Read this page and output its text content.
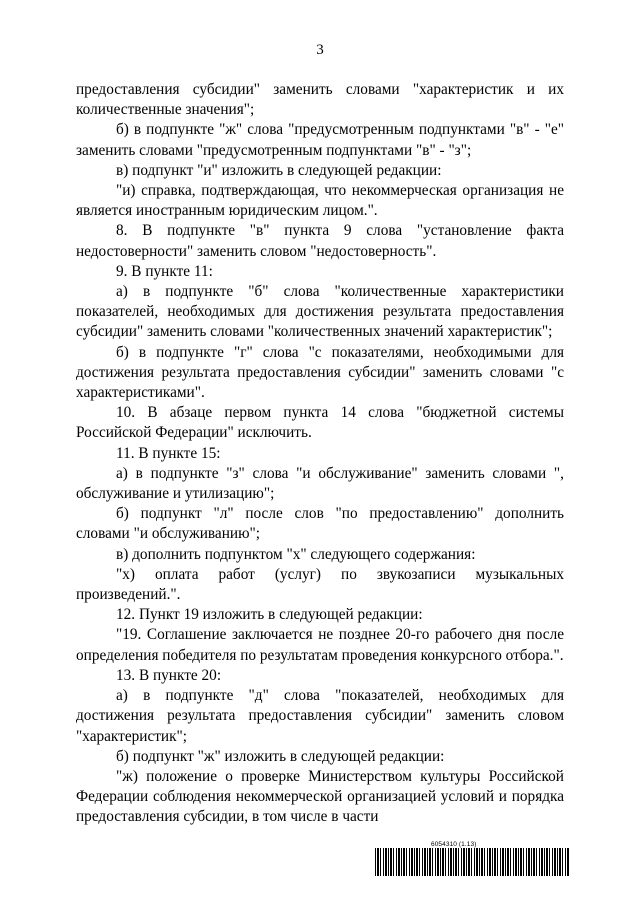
3

предоставления субсидии" заменить словами "характеристик и их количественные значения";

б) в подпункте "ж" слова "предусмотренным подпунктами "в" - "е" заменить словами "предусмотренным подпунктами "в" - "з";

в) подпункт "и" изложить в следующей редакции:

"и) справка, подтверждающая, что некоммерческая организация не является иностранным юридическим лицом.".

8. В подпункте "в" пункта 9 слова "установление факта недостоверности" заменить словом "недостоверность".

9. В пункте 11:

а) в подпункте "б" слова "количественные характеристики показателей, необходимых для достижения результата предоставления субсидии" заменить словами "количественных значений характеристик";

б) в подпункте "г" слова "с показателями, необходимыми для достижения результата предоставления субсидии" заменить словами "с характеристиками".

10. В абзаце первом пункта 14 слова "бюджетной системы Российской Федерации" исключить.

11. В пункте 15:

а) в подпункте "з" слова "и обслуживание" заменить словами ", обслуживание и утилизацию";

б) подпункт "л" после слов "по предоставлению" дополнить словами "и обслуживанию";

в) дополнить подпунктом "х" следующего содержания:

"х) оплата работ (услуг) по звукозаписи музыкальных произведений.".

12. Пункт 19 изложить в следующей редакции:

"19. Соглашение заключается не позднее 20-го рабочего дня после определения победителя по результатам проведения конкурсного отбора.".

13. В пункте 20:

а) в подпункте "д" слова "показателей, необходимых для достижения результата предоставления субсидии" заменить словом "характеристик";

б) подпункт "ж" изложить в следующей редакции:

"ж) положение о проверке Министерством культуры Российской Федерации соблюдения некоммерческой организацией условий и порядка предоставления субсидии, в том числе в части

6054310 (1.13)
